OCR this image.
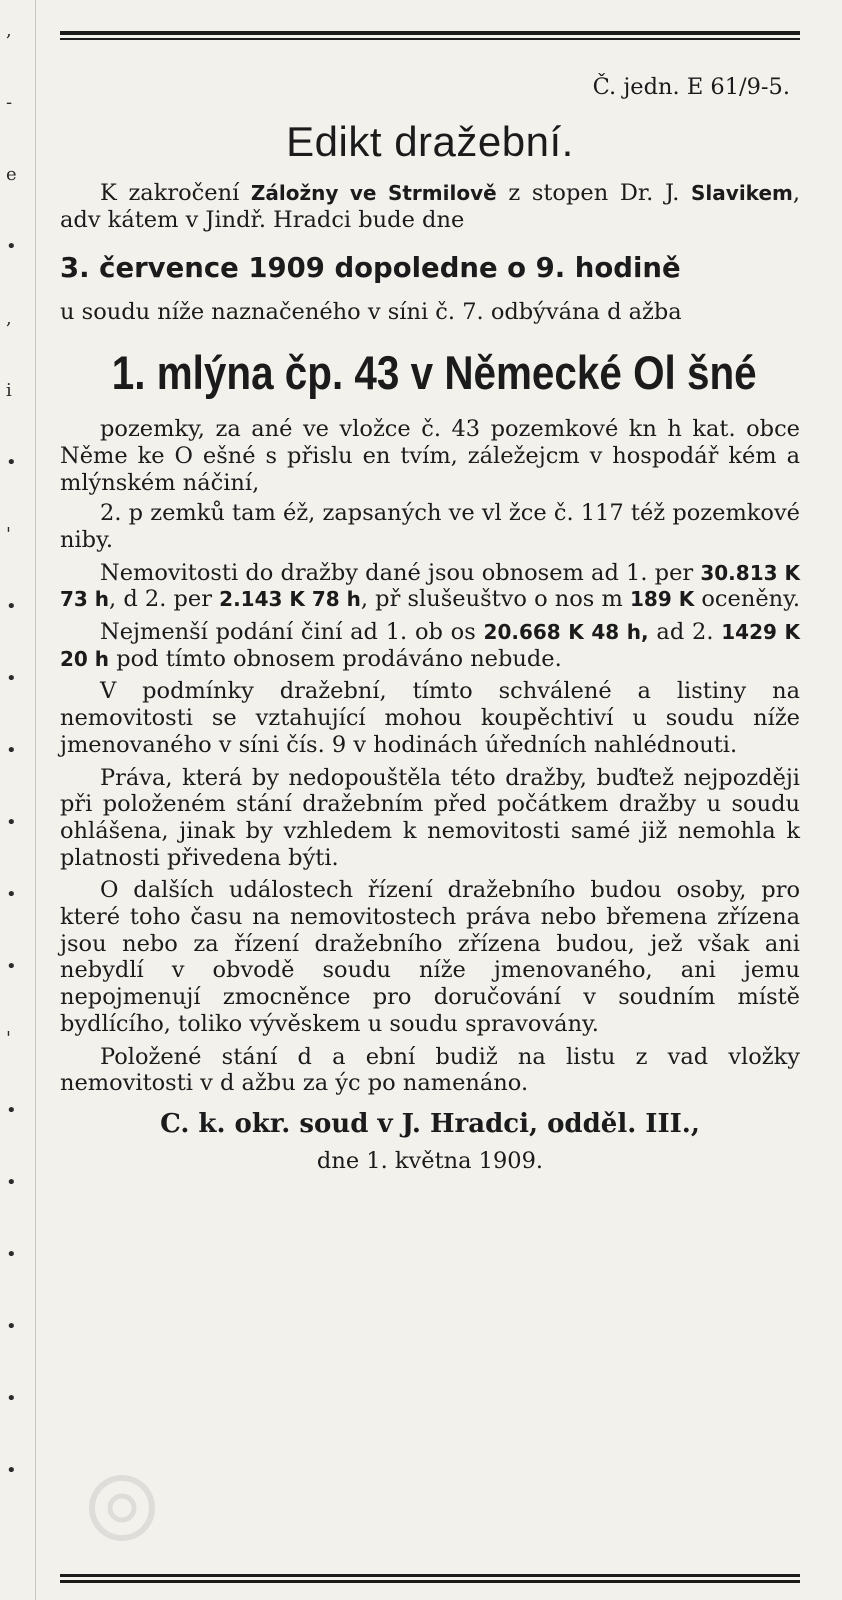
,
-
e
•
,
i
•
'
•
•
•
•
•
•
'
•
•
•
•
•
•
Č. jedn. E 61/9-5.
Edikt dražební.
K zakročení Záložny ve Strmilově z stopen Dr. J. Slavikem, adv kátem v Jindř. Hradci bude dne
3. července 1909 dopoledne o 9. hodině
u soudu níže naznačeného v síni č. 7. odbývána d ažba
1. mlýna čp. 43 v Německé Ol šné
pozemky, za ané ve vložce č. 43 pozemkové kn h kat. obce Něme ke O ešné s přislu en tvím, záležejcm v hospodář kém a mlýnském náčiní,
2. p zemků tam éž, zapsaných ve vl žce č. 117 též pozemkové niby.
Nemovitosti do dražby dané jsou obnosem ad 1. per 30.813 K 73 h, d 2. per 2.143 K 78 h, př slušeuštvo o nos m 189 K oceněny.
Nejmenší podání činí ad 1. ob os 20.668 K 48 h, ad 2. 1429 K 20 h pod tímto obnosem prodáváno nebude.
V podmínky dražební, tímto schválené a listiny na nemovitosti se vztahující mohou koupěchtiví u soudu níže jmenovaného v síni čís. 9 v hodinách úředních nahlédnouti.
Práva, která by nedopouštěla této dražby, buďtež nejpozději při položeném stání dražebním před počátkem dražby u soudu ohlášena, jinak by vzhledem k nemovitosti samé již nemohla k platnosti přivedena býti.
O dalších událostech řízení dražebního budou osoby, pro které toho času na nemovitostech práva nebo břemena zřízena jsou nebo za řízení dražebního zřízena budou, jež však ani nebydlí v obvodě soudu níže jmenovaného, ani jemu nepojmenují zmocněnce pro doručování v soudním místě bydlícího, toliko vývěskem u soudu spravovány.
Položené stání d a ební budiž na listu z vad vložky nemovitosti v d ažbu za ýc po namenáno.
C. k. okr. soud v J. Hradci, odděl. III.,
dne 1. května 1909.
